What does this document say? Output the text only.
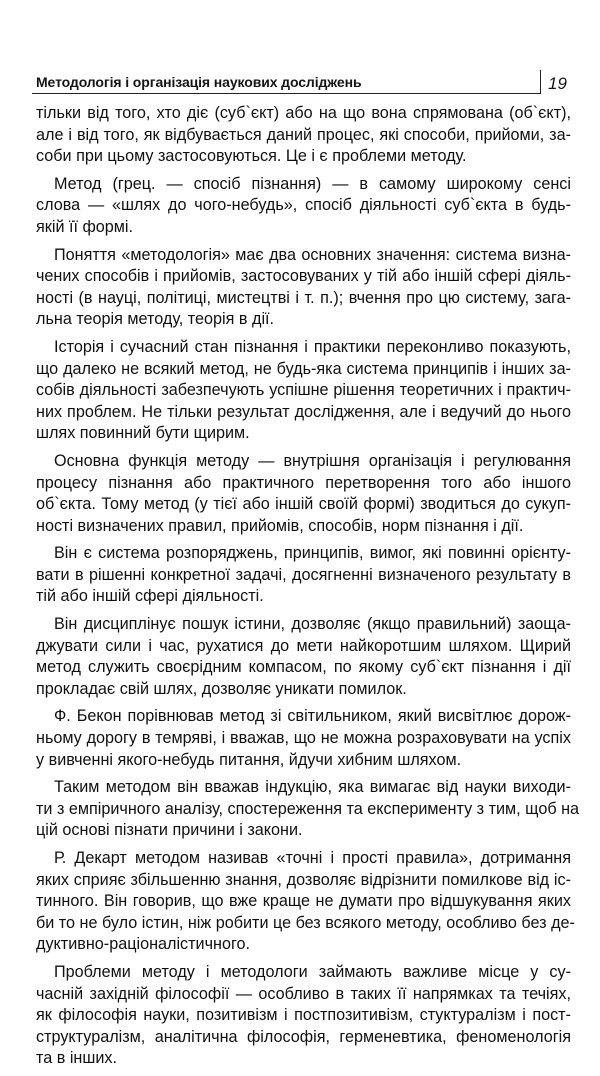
Методологія і організація наукових досліджень	19

тільки від того, хто діє (суб`єкт) або на що вона спрямована (об`єкт),
але і від того, як відбувається даний процес, які способи, прийоми, за-
соби при цьому застосовуються. Це і є проблеми методу.

Метод (грец. — спосіб пізнання) — в самому широкому сенсі
слова — «шлях до чого-небудь», спосіб діяльності суб`єкта в будь-
якій її формі.

Поняття «методологія» має два основних значення: система визна-
чених способів і прийомів, застосовуваних у тій або іншій сфері діяль-
ності (в науці, політиці, мистецтві і т. п.); вчення про цю систему, зага-
льна теорія методу, теорія в дії.

Історія і сучасний стан пізнання і практики переконливо показують,
що далеко не всякий метод, не будь-яка система принципів і інших за-
собів діяльності забезпечують успішне рішення теоретичних і практич-
них проблем. Не тільки результат дослідження, але і ведучий до нього
шлях повинний бути щирим.

Основна функція методу — внутрішня організація і регулювання
процесу пізнання або практичного перетворення того або іншого
об`єкта. Тому метод (у тієї або іншій своїй формі) зводиться до сукуп-
ності визначених правил, прийомів, способів, норм пізнання і дії.

Він є система розпоряджень, принципів, вимог, які повинні орієнту-
вати в рішенні конкретної задачі, досягненні визначеного результату в
тій або іншій сфері діяльності.

Він дисциплінує пошук істини, дозволяє (якщо правильний) заоща-
джувати сили і час, рухатися до мети найкоротшим шляхом. Щирий
метод служить своєрідним компасом, по якому суб`єкт пізнання і дії
прокладає свій шлях, дозволяє уникати помилок.

Ф. Бекон порівнював метод зі світильником, який висвітлює дорож-
ньому дорогу в темряві, і вважав, що не можна розраховувати на успіх
у вивченні якого-небудь питання, йдучи хибним шляхом.

Таким методом він вважав індукцію, яка вимагає від науки виходи-
ти з емпіричного аналізу, спостереження та експерименту з тим, щоб на
цій основі пізнати причини і закони.

Р. Декарт методом називав «точні і прості правила», дотримання
яких сприяє збільшенню знання, дозволяє відрізнити помилкове від іс-
тинного. Він говорив, що вже краще не думати про відшукування яких
би то не було істин, ніж робити це без всякого методу, особливо без де-
дуктивно-раціоналістичного.

Проблеми методу і методологи займають важливе місце у су-
часній західній філософії — особливо в таких її напрямках та течіях,
як філософія науки, позитивізм і постпозитивізм, стуктуралізм і пост-
структуралізм, аналітична філософія, герменевтика, феноменологія
та в інших.
